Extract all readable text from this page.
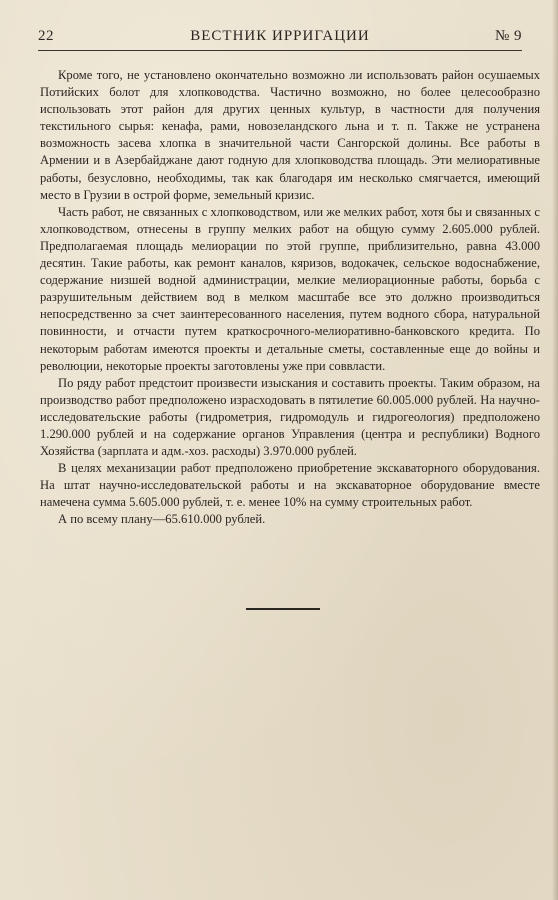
22	ВЕСТНИК ИРРИГАЦИИ	№ 9

Кроме того, не установлено окончательно возможно ли использовать район осушаемых Потийских болот для хлопководства. Частично возможно, но более целесообразно использовать этот район для других ценных культур, в частности для получения текстильного сырья: кенафа, рами, новозеландского льна и т. п. Также не устранена возможность засева хлопка в значительной части Сангорской долины. Все работы в Армении и в Азербайджане дают годную для хлопководства площадь. Эти мелиоративные работы, безусловно, необходимы, так как благодаря им несколько смягчается, имеющий место в Грузии в острой форме, земельный кризис.

Часть работ, не связанных с хлопководством, или же мелких работ, хотя бы и связанных с хлопководством, отнесены в группу мелких работ на общую сумму 2.605.000 рублей. Предполагаемая площадь мелиорации по этой группе, приблизительно, равна 43.000 десятин. Такие работы, как ремонт каналов, кяризов, водокачек, сельское водоснабжение, содержание низшей водной администрации, мелкие мелиорационные работы, борьба с разрушительным действием вод в мелком масштабе все это должно производиться непосредственно за счет заинтересованного населения, путем водного сбора, натуральной повинности, и отчасти путем краткосрочного-мелиоративно-банковского кредита. По некоторым работам имеются проекты и детальные сметы, составленные еще до войны и революции, некоторые проекты заготовлены уже при соввласти.

По ряду работ предстоит произвести изыскания и составить проекты. Таким образом, на производство работ предположено израсходовать в пятилетие 60.005.000 рублей. На научно-исследовательские работы (гидрометрия, гидромодуль и гидрогеология) предположено 1.290.000 рублей и на содержание органов Управления (центра и республики) Водного Хозяйства (зарплата и адм.-хоз. расходы) 3.970.000 рублей.

В целях механизации работ предположено приобретение экскаваторного оборудования. На штат научно-исследовательской работы и на экскаваторное оборудование вместе намечена сумма 5.605.000 рублей, т. е. менее 10% на сумму строительных работ.

А по всему плану—65.610.000 рублей.
